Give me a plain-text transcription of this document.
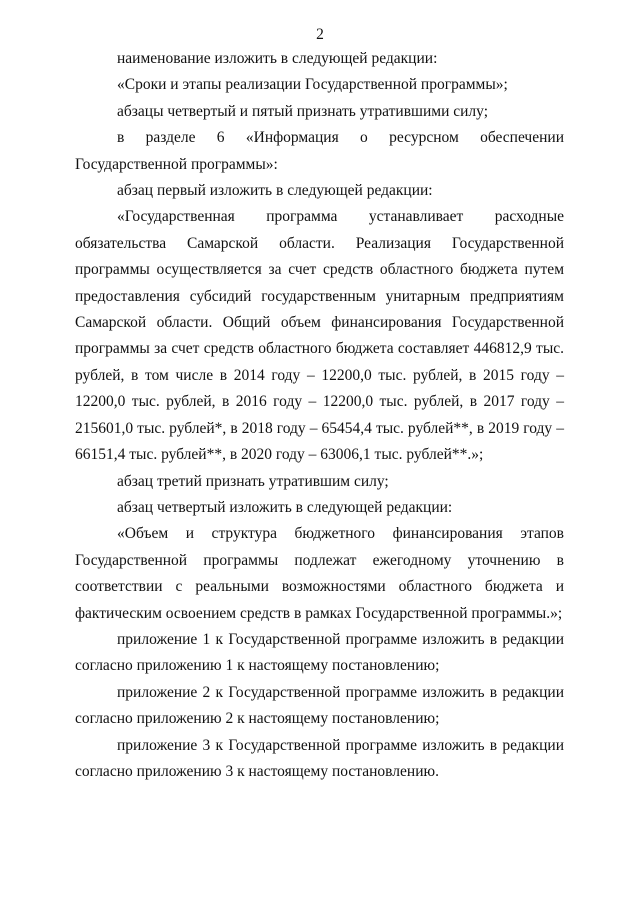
2

наименование изложить в следующей редакции:

«Сроки и этапы реализации Государственной программы»;

абзацы четвертый и пятый признать утратившими силу;

в разделе 6 «Информация о ресурсном обеспечении Государственной программы»:

абзац первый изложить в следующей редакции:

«Государственная программа устанавливает расходные обязательства Самарской области. Реализация Государственной программы осуществляется за счет средств областного бюджета путем предоставления субсидий государственным унитарным предприятиям Самарской области. Общий объем финансирования Государственной программы за счет средств областного бюджета составляет 446812,9 тыс. рублей, в том числе в 2014 году – 12200,0 тыс. рублей, в 2015 году – 12200,0 тыс. рублей, в 2016 году – 12200,0 тыс. рублей, в 2017 году – 215601,0 тыс. рублей*, в 2018 году – 65454,4 тыс. рублей**, в 2019 году – 66151,4 тыс. рублей**, в 2020 году – 63006,1 тыс. рублей**.»;

абзац третий признать утратившим силу;

абзац четвертый изложить в следующей редакции:

«Объем и структура бюджетного финансирования этапов Государственной программы подлежат ежегодному уточнению в соответствии с реальными возможностями областного бюджета и фактическим освоением средств в рамках Государственной программы.»;

приложение 1 к Государственной программе изложить в редакции согласно приложению 1 к настоящему постановлению;

приложение 2 к Государственной программе изложить в редакции согласно приложению 2 к настоящему постановлению;

приложение 3 к Государственной программе изложить в редакции согласно приложению 3 к настоящему постановлению.
